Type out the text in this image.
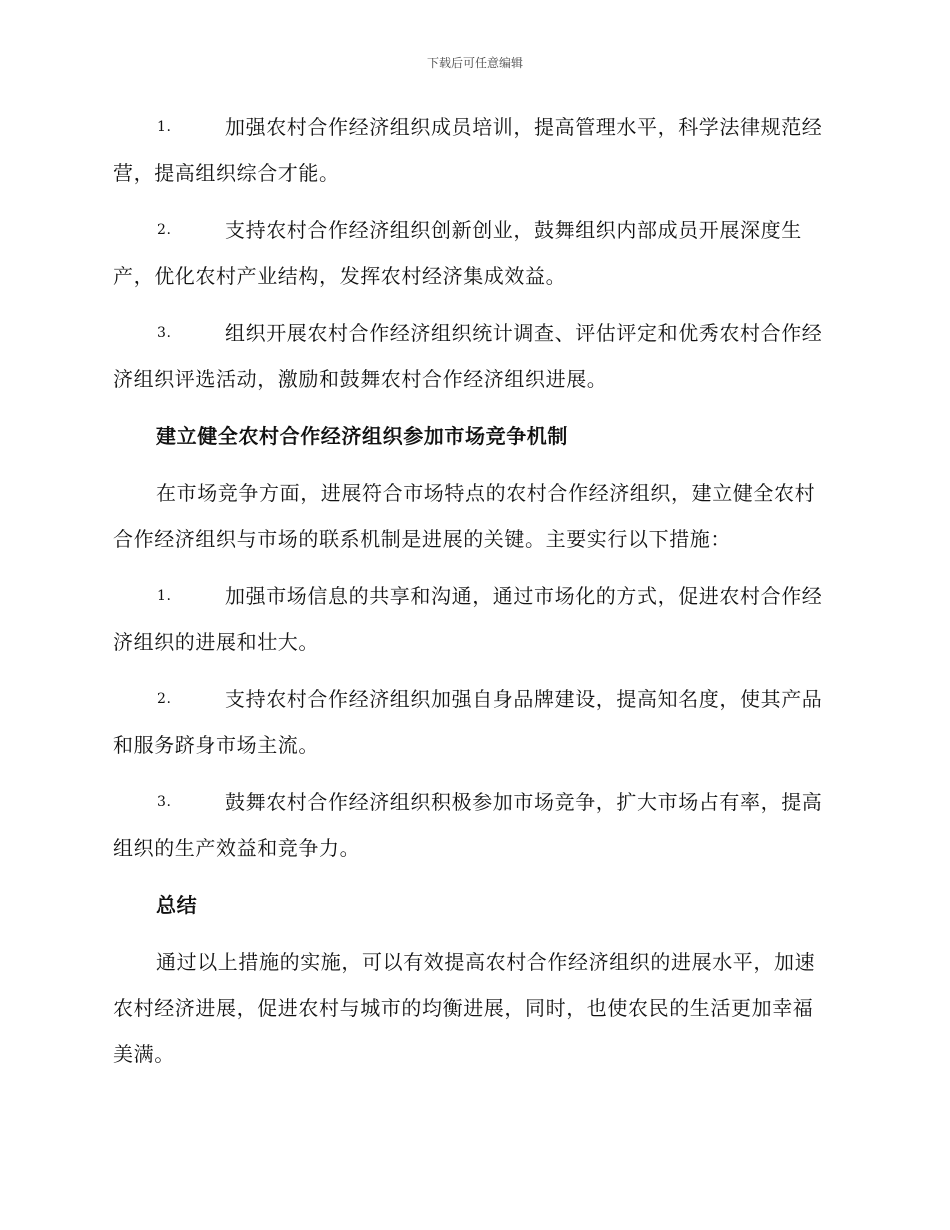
下载后可任意编辑
1.	加强农村合作经济组织成员培训，提高管理水平，科学法律规范经营，提高组织综合才能。
2.	支持农村合作经济组织创新创业，鼓舞组织内部成员开展深度生产，优化农村产业结构，发挥农村经济集成效益。
3.	组织开展农村合作经济组织统计调查、评估评定和优秀农村合作经济组织评选活动，激励和鼓舞农村合作经济组织进展。
建立健全农村合作经济组织参加市场竞争机制
在市场竞争方面，进展符合市场特点的农村合作经济组织，建立健全农村合作经济组织与市场的联系机制是进展的关键。主要实行以下措施：
1.	加强市场信息的共享和沟通，通过市场化的方式，促进农村合作经济组织的进展和壮大。
2.	支持农村合作经济组织加强自身品牌建设，提高知名度，使其产品和服务跻身市场主流。
3.	鼓舞农村合作经济组织积极参加市场竞争，扩大市场占有率，提高组织的生产效益和竞争力。
总结
通过以上措施的实施，可以有效提高农村合作经济组织的进展水平，加速农村经济进展，促进农村与城市的均衡进展，同时，也使农民的生活更加幸福美满。
